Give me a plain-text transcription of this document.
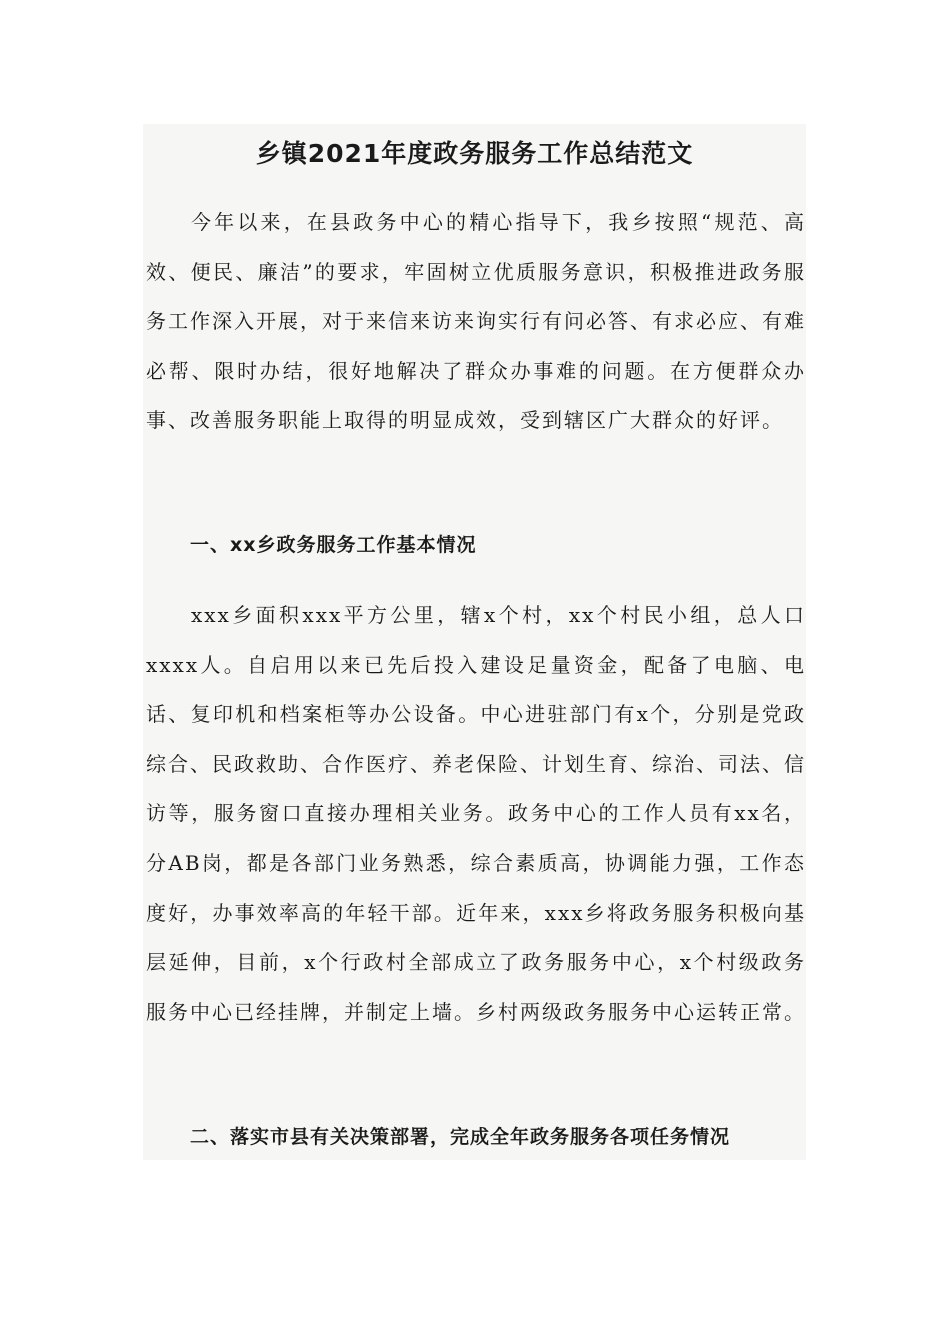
乡镇2021年度政务服务工作总结范文

今年以来，在县政务中心的精心指导下，我乡按照“规范、高效、便民、廉洁”的要求，牢固树立优质服务意识，积极推进政务服务工作深入开展，对于来信来访来询实行有问必答、有求必应、有难必帮、限时办结，很好地解决了群众办事难的问题。在方便群众办事、改善服务职能上取得的明显成效，受到辖区广大群众的好评。

一、xx乡政务服务工作基本情况

xxx乡面积xxx平方公里，辖x个村，xx个村民小组，总人口xxxx人。自启用以来已先后投入建设足量资金，配备了电脑、电话、复印机和档案柜等办公设备。中心进驻部门有x个，分别是党政综合、民政救助、合作医疗、养老保险、计划生育、综治、司法、信访等，服务窗口直接办理相关业务。政务中心的工作人员有xx名，分AB岗，都是各部门业务熟悉，综合素质高，协调能力强，工作态度好，办事效率高的年轻干部。近年来，xxx乡将政务服务积极向基层延伸，目前，x个行政村全部成立了政务服务中心，x个村级政务服务中心已经挂牌，并制定上墙。乡村两级政务服务中心运转正常。

二、落实市县有关决策部署，完成全年政务服务各项任务情况
